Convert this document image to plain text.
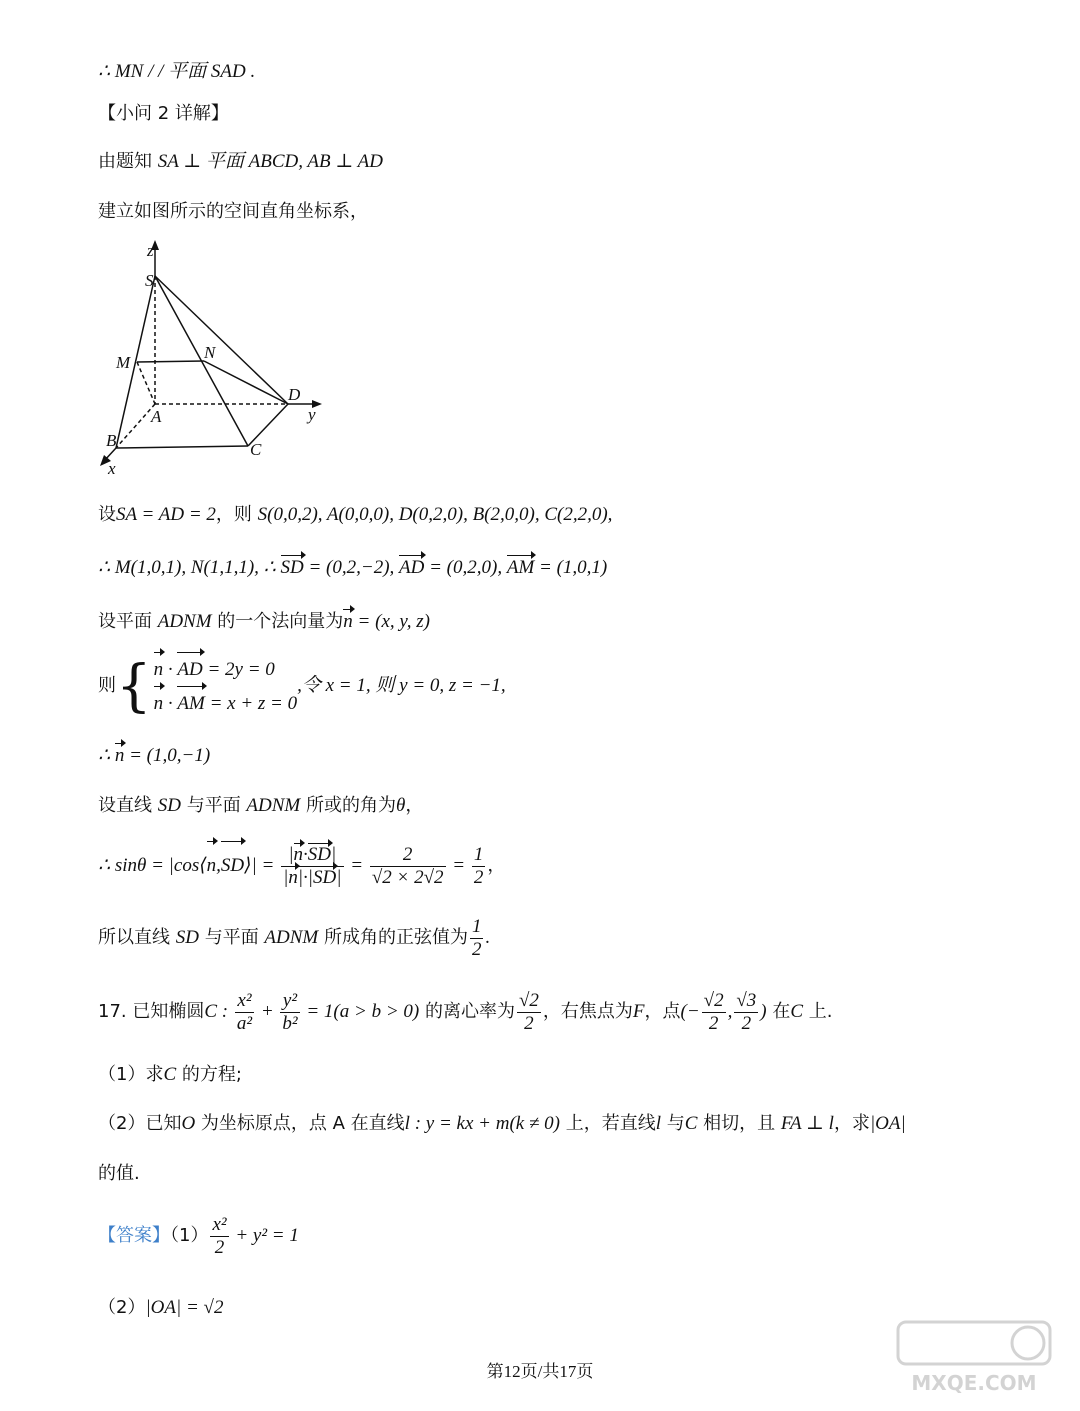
∴ MN / / 平面 SAD .
【小问 2 详解】
由题知 SA ⊥ 平面 ABCD, AB ⊥ AD
建立如图所示的空间直角坐标系，
z
S
M
N
A
D
y
B	C
x
设SA = AD = 2，则 S(0,0,2), A(0,0,0), D(0,2,0), B(2,0,0), C(2,2,0),
∴ M(1,0,1), N(1,1,1), ∴ SD = (0,2,−2), AD = (0,2,0), AM = (1,0,1)
设平面 ADNM 的一个法向量为n = (x, y, z)
则{ n · AD = 2y = 0
n · AM = x + z = 0
,令 x = 1, 则 y = 0, z = −1,
∴ n = (1,0,−1)
设直线 SD 与平面 ADNM 所或的角为θ，
∴ sinθ = |cos⟨n,SD⟩| = $\frac{|n\cdot SD|}{|n|\cdot|SD|} = \frac{2}{√2 \times 2√2} = \frac{1}{2}$ ，
所以直线 SD 与平面 ADNM 所成角的正弦值为 $\frac{1}{2}$ .
17. 已知椭圆C : $\frac{\text{x²}}{\text{a²}} + \frac{\text{y²}}{\text{b²}} = 1(a > b > 0)$ 的离心率为 $\frac{√2}{2}$ ，右焦点为F，点(− $\frac{√2}{2}$ , $\frac{√3}{2}$ ) 在C 上.
（1）求C 的方程;
（2）已知O 为坐标原点，点 A 在直线l : y = kx + m(k ≠ 0) 上，若直线l 与C 相切，且 FA ⊥ l，求|OA|
的值.
【答案】$(1) \frac{\text{x²}}{2} + y^2 = 1$
（2）|OA| = √2
第12页/共17页	MXQE.COM
